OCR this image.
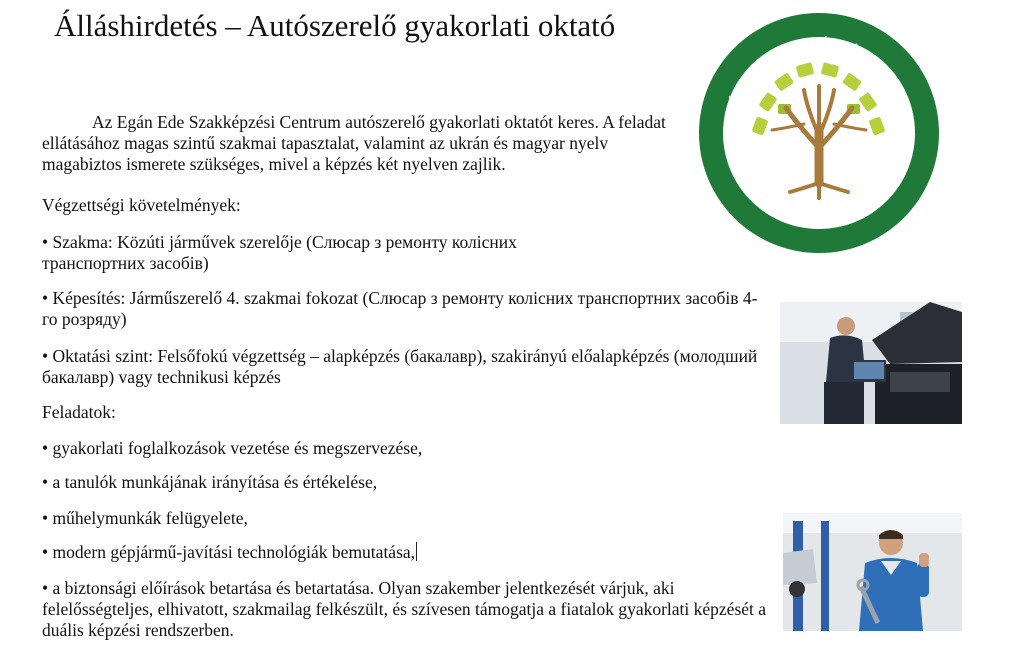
Álláshirdetés – Autószerelő gyakorlati oktató

Az Egán Ede Szakképzési Centrum autószerelő gyakorlati oktatót keres. A feladat ellátásához magas szintű szakmai tapasztalat, valamint az ukrán és magyar nyelv magabiztos ismerete szükséges, mivel a képzés két nyelven zajlik.

Végzettségi követelmények:

• Szakma: Közúti járművek szerelője (Слюсар з ремонту колісних транспортних засобів)

• Képesítés: Járműszerelő 4. szakmai fokozat (Слюсар з ремонту колісних транспортних засобів 4-го розряду)

• Oktatási szint: Felsőfokú végzettség – alapképzés (бакалавр), szakirányú előalapképzés (молодший бакалавр) vagy technikusi képzés

Feladatok:

• gyakorlati foglalkozások vezetése és megszervezése,

• a tanulók munkájának irányítása és értékelése,

• műhelymunkák felügyelete,

• modern gépjármű-javítási technológiák bemutatása,

• a biztonsági előírások betartása és betartatása. Olyan szakember jelentkezését várjuk, aki felelősségteljes, elhivatott, szakmailag felkészült, és szívesen támogatja a fiatalok gyakorlati képzését a duális képzési rendszerben.

EGÁN EDE SZAKKÉPZÉSI CENTRUM
ПЗПО «ЦПТО ІМ. ЕГАНА ЕДЕ»
